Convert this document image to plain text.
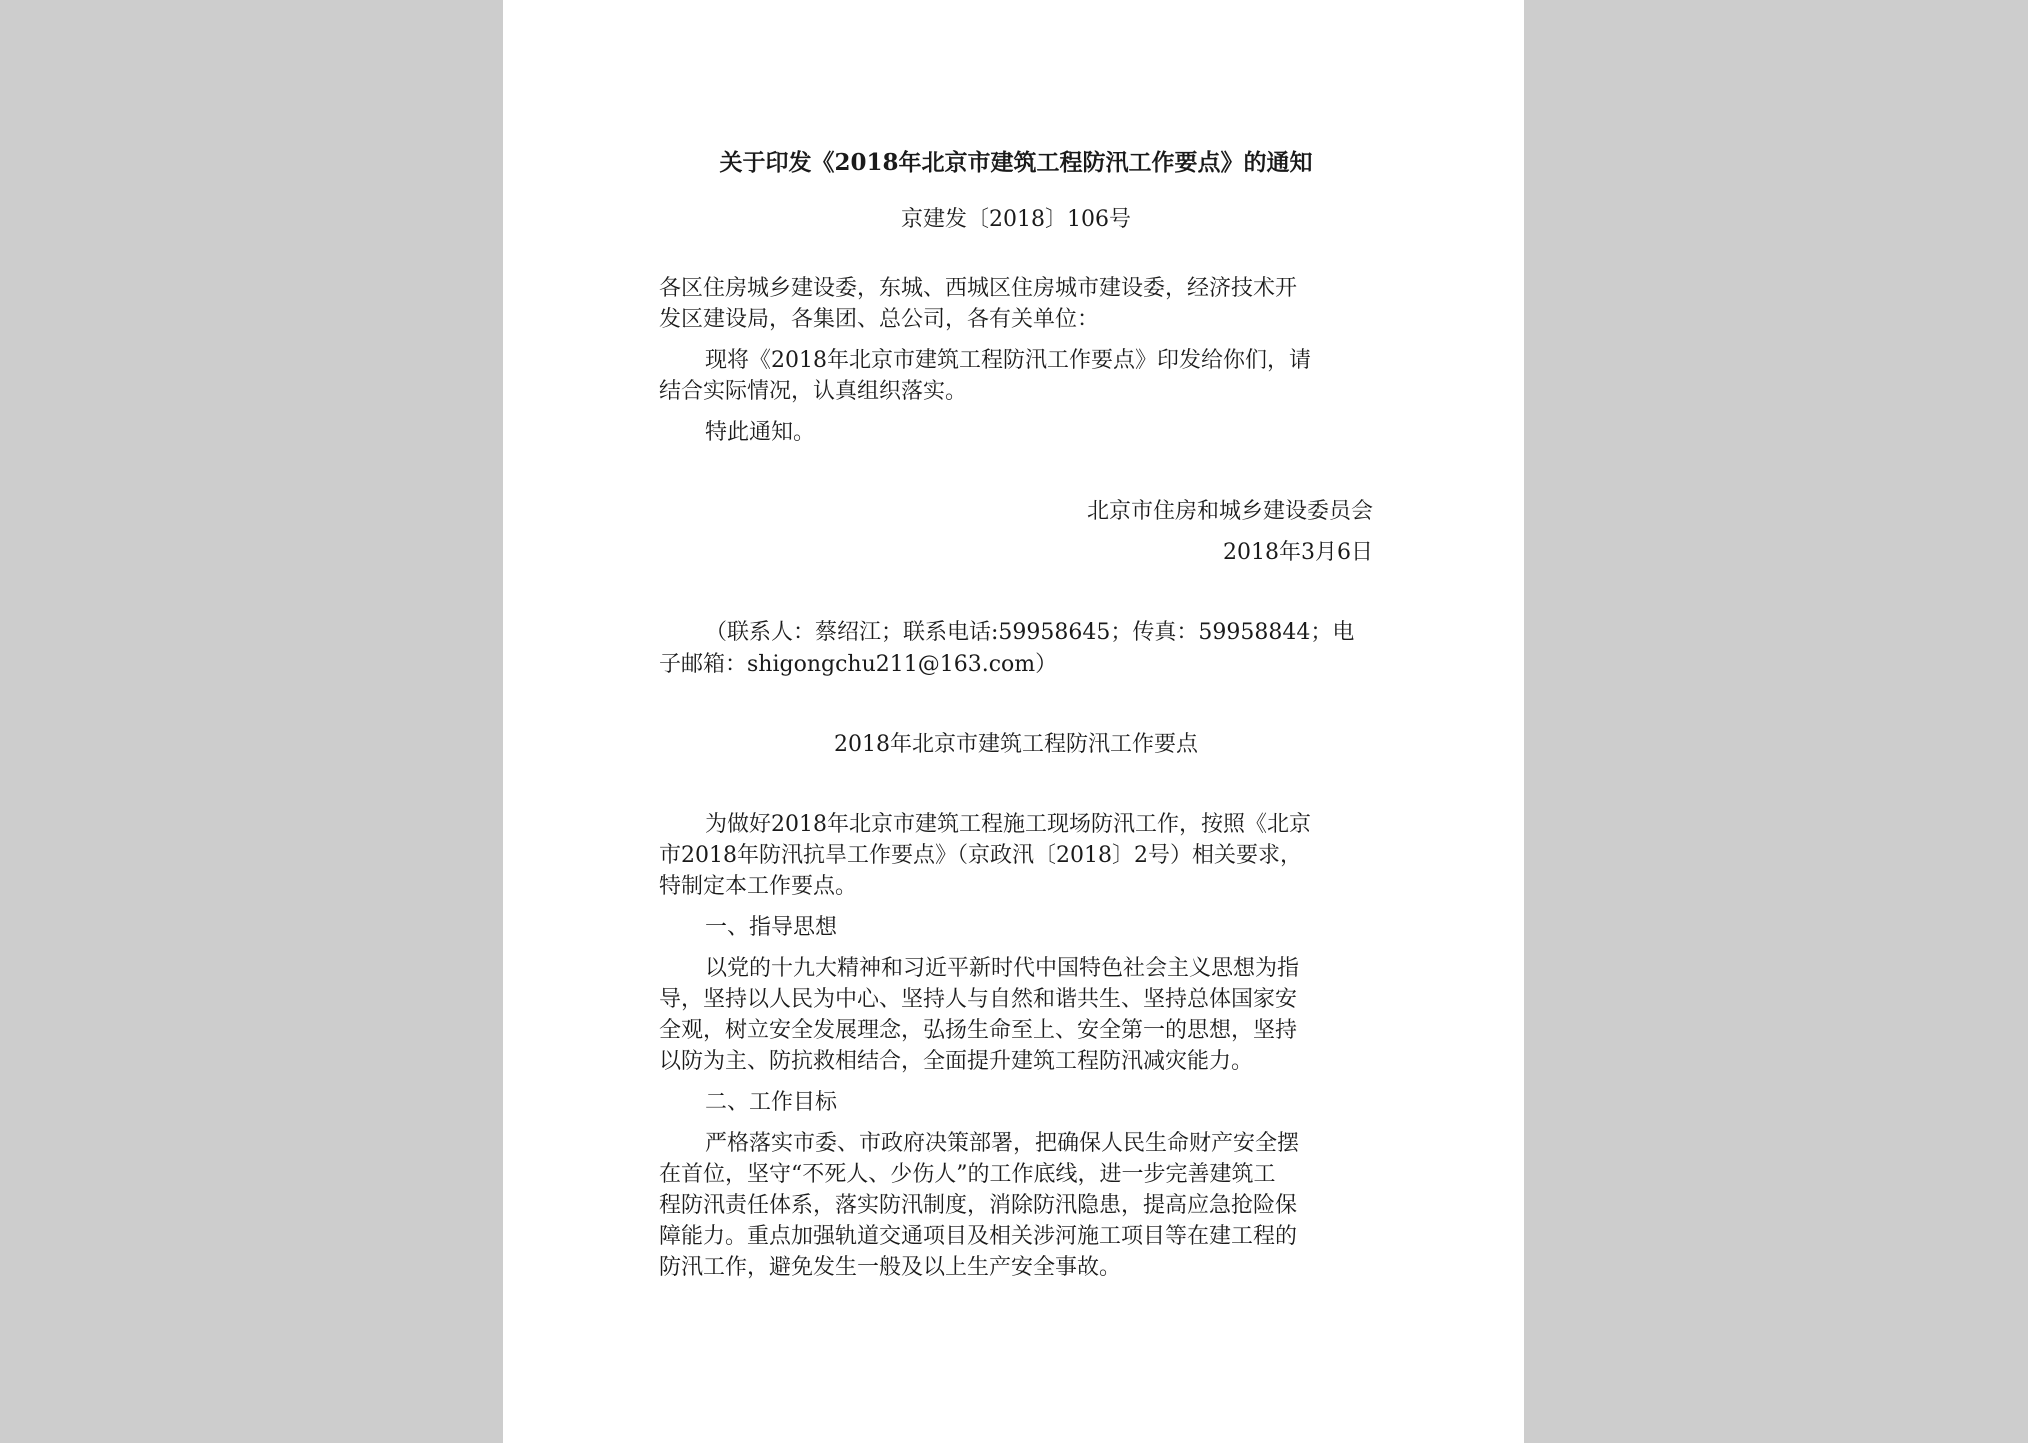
关于印发《2018年北京市建筑工程防汛工作要点》的通知
京建发〔2018〕106号
各区住房城乡建设委，东城、西城区住房城市建设委，经济技术开
发区建设局，各集团、总公司，各有关单位：
现将《2018年北京市建筑工程防汛工作要点》印发给你们，请
结合实际情况，认真组织落实。
特此通知。
北京市住房和城乡建设委员会
2018年3月6日
（联系人：蔡绍江；联系电话:59958645；传真：59958844；电
子邮箱：shigongchu211@163.com）
2018年北京市建筑工程防汛工作要点
为做好2018年北京市建筑工程施工现场防汛工作，按照《北京
市2018年防汛抗旱工作要点》（京政汛〔2018〕2号）相关要求，
特制定本工作要点。
一、指导思想
以党的十九大精神和习近平新时代中国特色社会主义思想为指
导，坚持以人民为中心、坚持人与自然和谐共生、坚持总体国家安
全观，树立安全发展理念，弘扬生命至上、安全第一的思想，坚持
以防为主、防抗救相结合，全面提升建筑工程防汛减灾能力。
二、工作目标
严格落实市委、市政府决策部署，把确保人民生命财产安全摆
在首位，坚守“不死人、少伤人”的工作底线，进一步完善建筑工
程防汛责任体系，落实防汛制度，消除防汛隐患，提高应急抢险保
障能力。重点加强轨道交通项目及相关涉河施工项目等在建工程的
防汛工作，避免发生一般及以上生产安全事故。
